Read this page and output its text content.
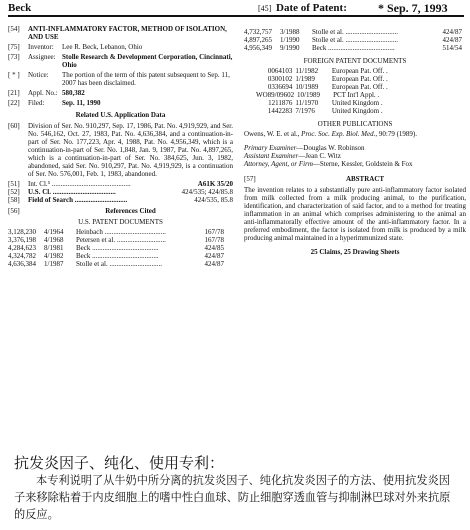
Beck	[45] Date of Patent:	* Sep. 7, 1993
[54]	ANTI-INFLAMMATORY FACTOR, METHOD OF ISOLATION, AND USE
[75]	Inventor:	Lee R. Beck, Lebanon, Ohio
[73]	Assignee: Stolle Research & Development Corporation, Cincinnati, Ohio
[ * ]	Notice:	The portion of the term of this patent subsequent to Sep. 11, 2007 has been disclaimed.
[21]	Appl. No.: 580,382
[22]	Filed:	Sep. 11, 1990
Related U.S. Application Data
[60]	Division of Ser. No. 910,297, Sep. 17, 1986, Pat. No. 4,919,929, and Ser. No. 546,162, Oct. 27, 1983, Pat. No. 4,636,384, and a continuation-in-part of Ser. No. 177,223, Apr. 4, 1988, Pat. No. 4,956,349, which is a continuation-in-part of Ser. No. 1,848, Jan. 9, 1987, Pat. No. 4,897,265, which is a continuation-in-part of Ser. No. 384,625, Jun. 3, 1982, abandoned, said Ser. No. 910,297, Pat. No. 4,919,929, is a continuation of Ser. No. 576,001, Feb. 1, 1983, abandoned.
[51]	Int. Cl.⁵ .............................................	A61K 35/20
[52]	U.S. Cl. ....................................	424/535; 424/85.8
[58]	Field of Search ..............................	424/535, 85.8
[56]	References Cited
U.S. PATENT DOCUMENTS
3,128,230	4/1964	Heinbach ...................................	167/78
3,376,198	4/1968	Petersen et al. ............................	167/78
4,284,623	8/1981	Beck ......................................	424/85
4,324,782	4/1982	Beck ......................................	424/87
4,636,384	1/1987	Stolle et al. ..............................	424/87
4,732,757	3/1988	Stolle et al. ..............................	424/87
4,897,265	1/1990	Stolle et al. ..............................	424/87
4,956,349	9/1990	Beck ......................................	514/54
FOREIGN PATENT DOCUMENTS
0064103 11/1982	European Pat. Off. .
0300102 1/1989	European Pat. Off. .
0336694 10/1989	European Pat. Off. .
WO89/09602 10/1989	PCT Int'l Appl. .
1211876 11/1970	United Kingdom .
1442283 7/1976	United Kingdom .
OTHER PUBLICATIONS
Owens, W. E. et al., Proc. Soc. Exp. Biol. Med., 90:79 (1989).
Primary Examiner—Douglas W. Robinson
Assistant Examiner—Jean C. Witz
Attorney, Agent, or Firm—Sterne, Kessler, Goldstein & Fox
[57]	ABSTRACT
The invention relates to a substantially pure anti-inflammatory factor isolated from milk collected from a milk producing animal, to the purification, identification, and characterization of said factor, and to a method for treating inflammation in an animal which comprises administering to the animal an anti-inflammatorally effective amount of the anti-inflammatory factor. In a preferred embodiment, the factor is isolated from milk is produced by a milk producing animal maintained in a hyperimmunized state.
25 Claims, 25 Drawing Sheets
抗发炎因子、纯化、使用专利：
本专利说明了从牛奶中所分离的抗发炎因子、纯化抗发炎因子的方法、使用抗发炎因子来移除粘着于内皮细胞上的嗜中性白血球、防止细胞穿透血管与抑制淋巴球对外来抗原的反应。
